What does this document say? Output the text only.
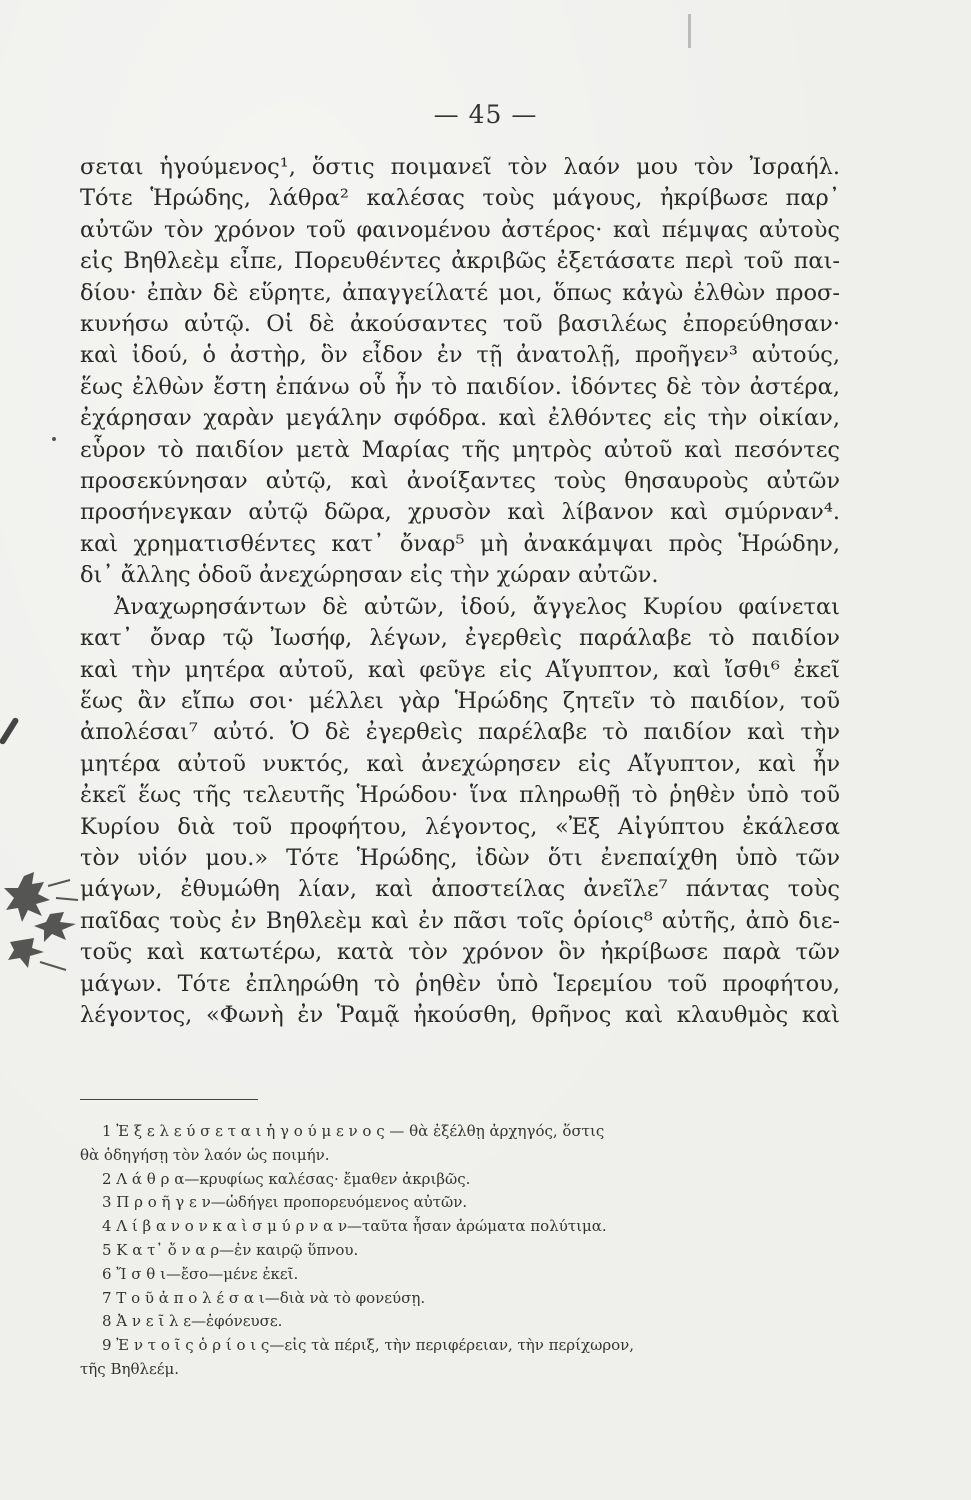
— 45 —
σεται ἡγούμενος¹, ὅστις ποιμανεῖ τὸν λαόν μου τὸν Ἰσραήλ.
Τότε Ἡρώδης, λάθρα² καλέσας τοὺς μάγους, ἠκρίβωσε παρ᾿
αὐτῶν τὸν χρόνον τοῦ φαινομένου ἀστέρος· καὶ πέμψας αὐτοὺς
εἰς Βηθλεὲμ εἶπε, Πορευθέντες ἀκριβῶς ἐξετάσατε περὶ τοῦ παι-
δίου· ἐπὰν δὲ εὕρητε, ἀπαγγείλατέ μοι, ὅπως κἀγὼ ἐλθὼν προσ-
κυνήσω αὐτῷ. Οἱ δὲ ἀκούσαντες τοῦ βασιλέως ἐπορεύθησαν·
καὶ ἰδού, ὁ ἀστὴρ, ὃν εἶδον ἐν τῇ ἀνατολῇ, προῆγεν³ αὐτούς,
ἕως ἐλθὼν ἔστη ἐπάνω οὗ ἦν τὸ παιδίον. ἰδόντες δὲ τὸν ἀστέρα,
ἐχάρησαν χαρὰν μεγάλην σφόδρα. καὶ ἐλθόντες εἰς τὴν οἰκίαν,
εὗρον τὸ παιδίον μετὰ Μαρίας τῆς μητρὸς αὐτοῦ καὶ πεσόντες
προσεκύνησαν αὐτῷ, καὶ ἀνοίξαντες τοὺς θησαυροὺς αὐτῶν
προσήνεγκαν αὐτῷ δῶρα, χρυσὸν καὶ λίβανον καὶ σμύρναν⁴.
καὶ χρηματισθέντες κατ᾿ ὄναρ⁵ μὴ ἀνακάμψαι πρὸς Ἡρώδην,
δι᾿ ἄλλης ὁδοῦ ἀνεχώρησαν εἰς τὴν χώραν αὐτῶν.
Ἀναχωρησάντων δὲ αὐτῶν, ἰδού, ἄγγελος Κυρίου φαίνεται
κατ᾿ ὄναρ τῷ Ἰωσήφ, λέγων, ἐγερθεὶς παράλαβε τὸ παιδίον
καὶ τὴν μητέρα αὐτοῦ, καὶ φεῦγε εἰς Αἴγυπτον, καὶ ἴσθι⁶ ἐκεῖ
ἕως ἂν εἴπω σοι· μέλλει γὰρ Ἡρώδης ζητεῖν τὸ παιδίον, τοῦ
ἀπολέσαι⁷ αὐτό. Ὁ δὲ ἐγερθεὶς παρέλαβε τὸ παιδίον καὶ τὴν
μητέρα αὐτοῦ νυκτός, καὶ ἀνεχώρησεν εἰς Αἴγυπτον, καὶ ἦν
ἐκεῖ ἕως τῆς τελευτῆς Ἡρώδου· ἵνα πληρωθῇ τὸ ῥηθὲν ὑπὸ τοῦ
Κυρίου διὰ τοῦ προφήτου, λέγοντος, «Ἐξ Αἰγύπτου ἐκάλεσα
τὸν υἱόν μου.» Τότε Ἡρώδης, ἰδὼν ὅτι ἐνεπαίχθη ὑπὸ τῶν
μάγων, ἐθυμώθη λίαν, καὶ ἀποστείλας ἀνεῖλε⁷ πάντας τοὺς
παῖδας τοὺς ἐν Βηθλεὲμ καὶ ἐν πᾶσι τοῖς ὁρίοις⁸ αὐτῆς, ἀπὸ διε-
τοῦς καὶ κατωτέρω, κατὰ τὸν χρόνον ὃν ἠκρίβωσε παρὰ τῶν
μάγων. Τότε ἐπληρώθη τὸ ῥηθὲν ὑπὸ Ἱερεμίου τοῦ προφήτου,
λέγοντος, «Φωνὴ ἐν Ῥαμᾷ ἠκούσθη, θρῆνος καὶ κλαυθμὸς καὶ
1 Ἐ ξ ε λ ε ύ σ ε τ α ι ἡ γ ο ύ μ ε ν ο ς — θὰ ἐξέλθῃ ἀρχηγός, ὅστις
θὰ ὁδηγήσῃ τὸν λαόν ὡς ποιμήν.
2 Λ ά θ ρ α—κρυφίως καλέσας· ἔμαθεν ἀκριβῶς.
3 Π ρ ο ῆ γ ε ν—ὡδήγει προπορευόμενος αὐτῶν.
4 Λ ί β α ν ο ν κ α ὶ σ μ ύ ρ ν α ν—ταῦτα ἦσαν ἀρώματα πολύτιμα.
5 Κ α τ᾿ ὄ ν α ρ—ἐν καιρῷ ὕπνου.
6 Ἴ σ θ ι—ἔσο—μένε ἐκεῖ.
7 Τ ο ῦ ἀ π ο λ έ σ α ι—διὰ νὰ τὸ φονεύσῃ.
8 Ἀ ν ε ῖ λ ε—ἐφόνευσε.
9 Ἐ ν τ ο ῖ ς ὁ ρ ί ο ι ς—εἰς τὰ πέριξ, τὴν περιφέρειαν, τὴν περίχωρον,
τῆς Βηθλεέμ.
